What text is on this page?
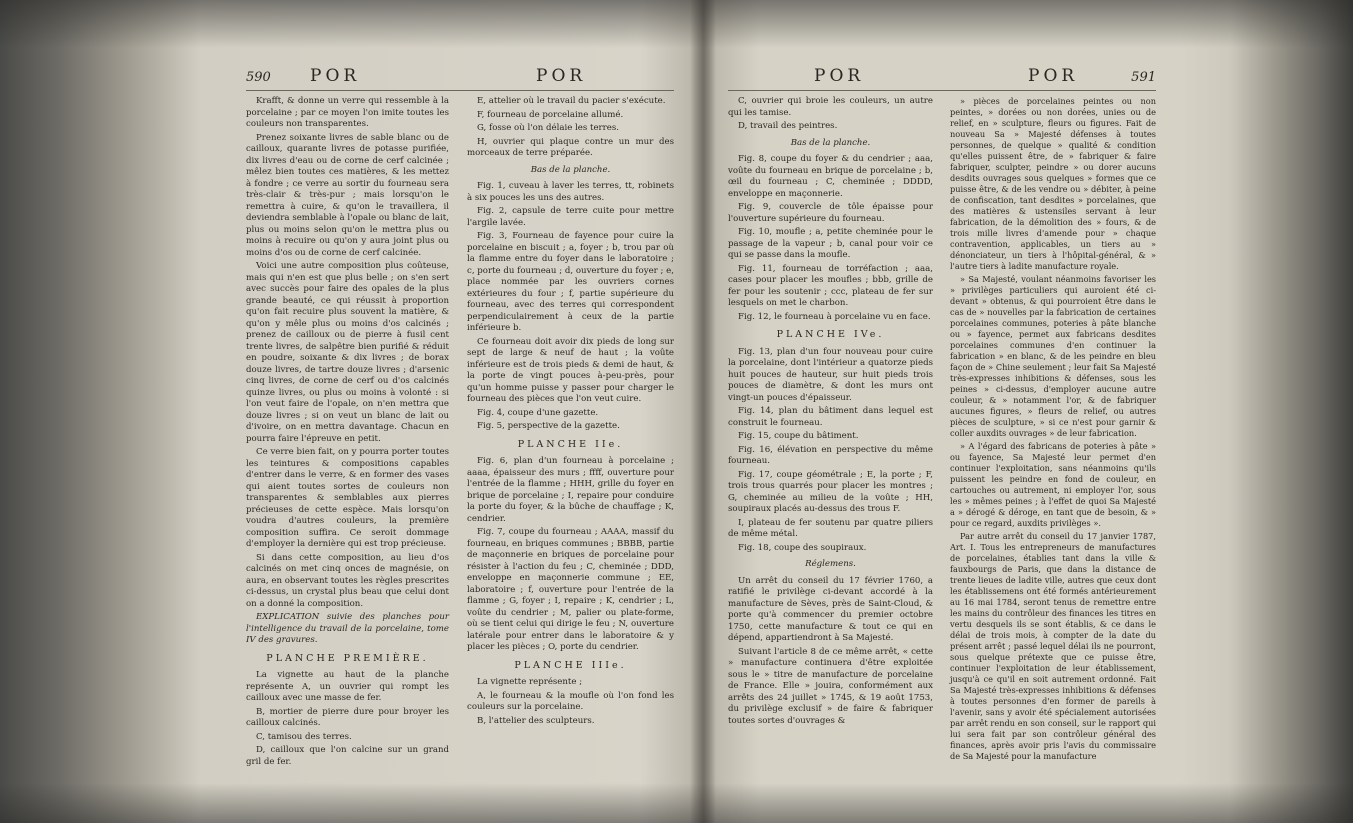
590 POR	POR

Krafft, & donne un verre qui ressemble à la porcelaine ; par ce moyen l'on imite toutes les couleurs non transparentes.

Prenez soixante livres de sable blanc ou de cailloux, quarante livres de potasse purifiée, dix livres d'eau ou de corne de cerf calcinée ; mêlez bien toutes ces matières, & les mettez à fondre ; ce verre au sortir du fourneau sera très-clair & très-pur ; mais lorsqu'on le remettra à cuire, & qu'on le travaillera, il deviendra semblable à l'opale ou blanc de lait, plus ou moins selon qu'on le mettra plus ou moins à recuire ou qu'on y aura joint plus ou moins d'os ou de corne de cerf calcinée.

Voici une autre composition plus coûteuse, mais qui n'en est que plus belle ; on s'en sert avec succès pour faire des opales de la plus grande beauté, ce qui réussit à proportion qu'on fait recuire plus souvent la matière, & qu'on y mêle plus ou moins d'os calcinés ; prenez de cailloux ou de pierre à fusil cent trente livres, de salpêtre bien purifié & réduit en poudre, soixante & dix livres ; de borax douze livres, de tartre douze livres ; d'arsenic cinq livres, de corne de cerf ou d'os calcinés quinze livres, ou plus ou moins à volonté : si l'on veut faire de l'opale, on n'en mettra que douze livres ; si on veut un blanc de lait ou d'ivoire, on en mettra davantage. Chacun en pourra faire l'épreuve en petit.

Ce verre bien fait, on y pourra porter toutes les teintures & compositions capables d'entrer dans le verre, & en former des vases qui aient toutes sortes de couleurs non transparentes & semblables aux pierres précieuses de cette espèce. Mais lorsqu'on voudra d'autres couleurs, la première composition suffira. Ce seroit dommage d'employer la dernière qui est trop précieuse.

Si dans cette composition, au lieu d'os calcinés on met cinq onces de magnésie, on aura, en observant toutes les règles prescrites ci-dessus, un crystal plus beau que celui dont on a donné la composition.

EXPLICATION suivie des planches pour l'intelligence du travail de la porcelaine, tome IV des gravures.

PLANCHE PREMIÈRE.

La vignette au haut de la planche représente A, un ouvrier qui rompt les cailloux avec une masse de fer.

B, mortier de pierre dure pour broyer les cailloux calcinés.

C, tamisou des terres.

D, cailloux que l'on calcine sur un grand gril de fer.

E, attelier où le travail du pacier s'exécute.

F, fourneau de porcelaine allumé.

G, fosse où l'on délaie les terres.

H, ouvrier qui plaque contre un mur des morceaux de terre préparée.

Bas de la planche.

Fig. 1, cuveau à laver les terres, tt, robinets à six pouces les uns des autres.

Fig. 2, capsule de terre cuite pour mettre l'argile lavée.

Fig. 3, Fourneau de fayence pour cuire la porcelaine en biscuit ; a, foyer ; b, trou par où la flamme entre du foyer dans le laboratoire ; c, porte du fourneau ; d, ouverture du foyer ; e, place nommée par les ouvriers cornes extérieures du four ; f, partie supérieure du fourneau, avec des terres qui correspondent perpendiculairement à ceux de la partie inférieure b.

Ce fourneau doit avoir dix pieds de long sur sept de large & neuf de haut ; la voûte inférieure est de trois pieds & demi de haut, & la porte de vingt pouces à-peu-près, pour qu'un homme puisse y passer pour charger le fourneau des pièces que l'on veut cuire.

Fig. 4, coupe d'une gazette.

Fig. 5, perspective de la gazette.

PLANCHE IIe.

Fig. 6, plan d'un fourneau à porcelaine ; aaaa, épaisseur des murs ; ffff, ouverture pour l'entrée de la flamme ; HHH, grille du foyer en brique de porcelaine ; I, repaire pour conduire la porte du foyer, & la bûche de chauffage ; K, cendrier.

Fig. 7, coupe du fourneau ; AAAA, massif du fourneau, en briques communes ; BBBB, partie de maçonnerie en briques de porcelaine pour résister à l'action du feu ; C, cheminée ; DDD, enveloppe en maçonnerie commune ; EE, laboratoire ; f, ouverture pour l'entrée de la flamme ; G, foyer ; I, repaire ; K, cendrier ; L, voûte du cendrier ; M, palier ou plate-forme, où se tient celui qui dirige le feu ; N, ouverture latérale pour entrer dans le laboratoire & y placer les pièces ; O, porte du cendrier.

PLANCHE IIIe.

La vignette représente ;

A, le fourneau & la moufle où l'on fond les couleurs sur la porcelaine.

B, l'attelier des sculpteurs.

POR	POR	591

C, ouvrier qui broie les couleurs, un autre qui les tamise.

D, travail des peintres.

Bas de la planche.

Fig. 8, coupe du foyer & du cendrier ; aaa, voûte du fourneau en brique de porcelaine ; b, œil du fourneau ; C, cheminée ; DDDD, enveloppe en maçonnerie.

Fig. 9, couvercle de tôle épaisse pour l'ouverture supérieure du fourneau.

Fig. 10, moufle ; a, petite cheminée pour le passage de la vapeur ; b, canal pour voir ce qui se passe dans la moufle.

Fig. 11, fourneau de torréfaction ; aaa, cases pour placer les moufles ; bbb, grille de fer pour les soutenir ; ccc, plateau de fer sur lesquels on met le charbon.

Fig. 12, le fourneau à porcelaine vu en face.

PLANCHE IVe.

Fig. 13, plan d'un four nouveau pour cuire la porcelaine, dont l'intérieur a quatorze pieds huit pouces de hauteur, sur huit pieds trois pouces de diamètre, & dont les murs ont vingt-un pouces d'épaisseur.

Fig. 14, plan du bâtiment dans lequel est construit le fourneau.

Fig. 15, coupe du bâtiment.

Fig. 16, élévation en perspective du même fourneau.

Fig. 17, coupe géométrale ; E, la porte ; F, trois trous quarrés pour placer les montres ; G, cheminée au milieu de la voûte ; HH, soupiraux placés au-dessus des trous F.

I, plateau de fer soutenu par quatre piliers de même métal.

Fig. 18, coupe des soupiraux.

Réglemens.

Un arrêt du conseil du 17 février 1760, a ratifié le privilège ci-devant accordé à la manufacture de Sèves, près de Saint-Cloud, & porte qu'à commencer du premier octobre 1750, cette manufacture & tout ce qui en dépend, appartiendront à Sa Majesté.

Suivant l'article 8 de ce même arrêt, « cette » manufacture continuera d'être exploitée sous le » titre de manufacture de porcelaine de France. Elle » jouira, conformément aux arrêts des 24 juillet » 1745, & 19 août 1753, du privilège exclusif » de faire & fabriquer toutes sortes d'ouvrages &

» pièces de porcelaines peintes ou non peintes, » dorées ou non dorées, unies ou de relief, en » sculpture, fleurs ou figures. Fait de nouveau Sa » Majesté défenses à toutes personnes, de quelque » qualité & condition qu'elles puissent être, de » fabriquer & faire fabriquer, sculpter, peindre » ou dorer aucuns desdits ouvrages sous quelques » formes que ce puisse être, & de les vendre ou » débiter, à peine de confiscation, tant desdites » porcelaines, que des matières & ustensiles servant à leur fabrication, de la démolition des » fours, & de trois mille livres d'amende pour » chaque contravention, applicables, un tiers au » dénonciateur, un tiers à l'hôpital-général, & » l'autre tiers à ladite manufacture royale.

» Sa Majesté, voulant néanmoins favoriser les » privilèges particuliers qui auroient été ci-devant » obtenus, & qui pourroient être dans le cas de » nouvelles par la fabrication de certaines porcelaines communes, poteries à pâte blanche ou » fayence, permet aux fabricans desdites porcelaines communes d'en continuer la fabrication » en blanc, & de les peindre en bleu façon de » Chine seulement ; leur fait Sa Majesté très-expresses inhibitions & défenses, sous les peines » ci-dessus, d'employer aucune autre couleur, & » notamment l'or, & de fabriquer aucunes figures, » fleurs de relief, ou autres pièces de sculpture, » si ce n'est pour garnir & coller auxdits ouvrages » de leur fabrication.

» A l'égard des fabricans de poteries à pâte » ou fayence, Sa Majesté leur permet d'en continuer l'exploitation, sans néanmoins qu'ils puissent les peindre en fond de couleur, en cartouches ou autrement, ni employer l'or, sous les » mêmes peines ; à l'effet de quoi Sa Majesté a » dérogé & déroge, en tant que de besoin, & » pour ce regard, auxdits privilèges ».

Par autre arrêt du conseil du 17 janvier 1787, Art. I. Tous les entrepreneurs de manufactures de porcelaines, établies tant dans la ville & fauxbourgs de Paris, que dans la distance de trente lieues de ladite ville, autres que ceux dont les établissemens ont été formés antérieurement au 16 mai 1784, seront tenus de remettre entre les mains du contrôleur des finances les titres en vertu desquels ils se sont établis, & ce dans le délai de trois mois, à compter de la date du présent arrêt ; passé lequel délai ils ne pourront, sous quelque prétexte que ce puisse être, continuer l'exploitation de leur établissement, jusqu'à ce qu'il en soit autrement ordonné. Fait Sa Majesté très-expresses inhibitions & défenses à toutes personnes d'en former de pareils à l'avenir, sans y avoir été spécialement autorisées par arrêt rendu en son conseil, sur le rapport qui lui sera fait par son contrôleur général des finances, après avoir pris l'avis du commissaire de Sa Majesté pour la manufacture
